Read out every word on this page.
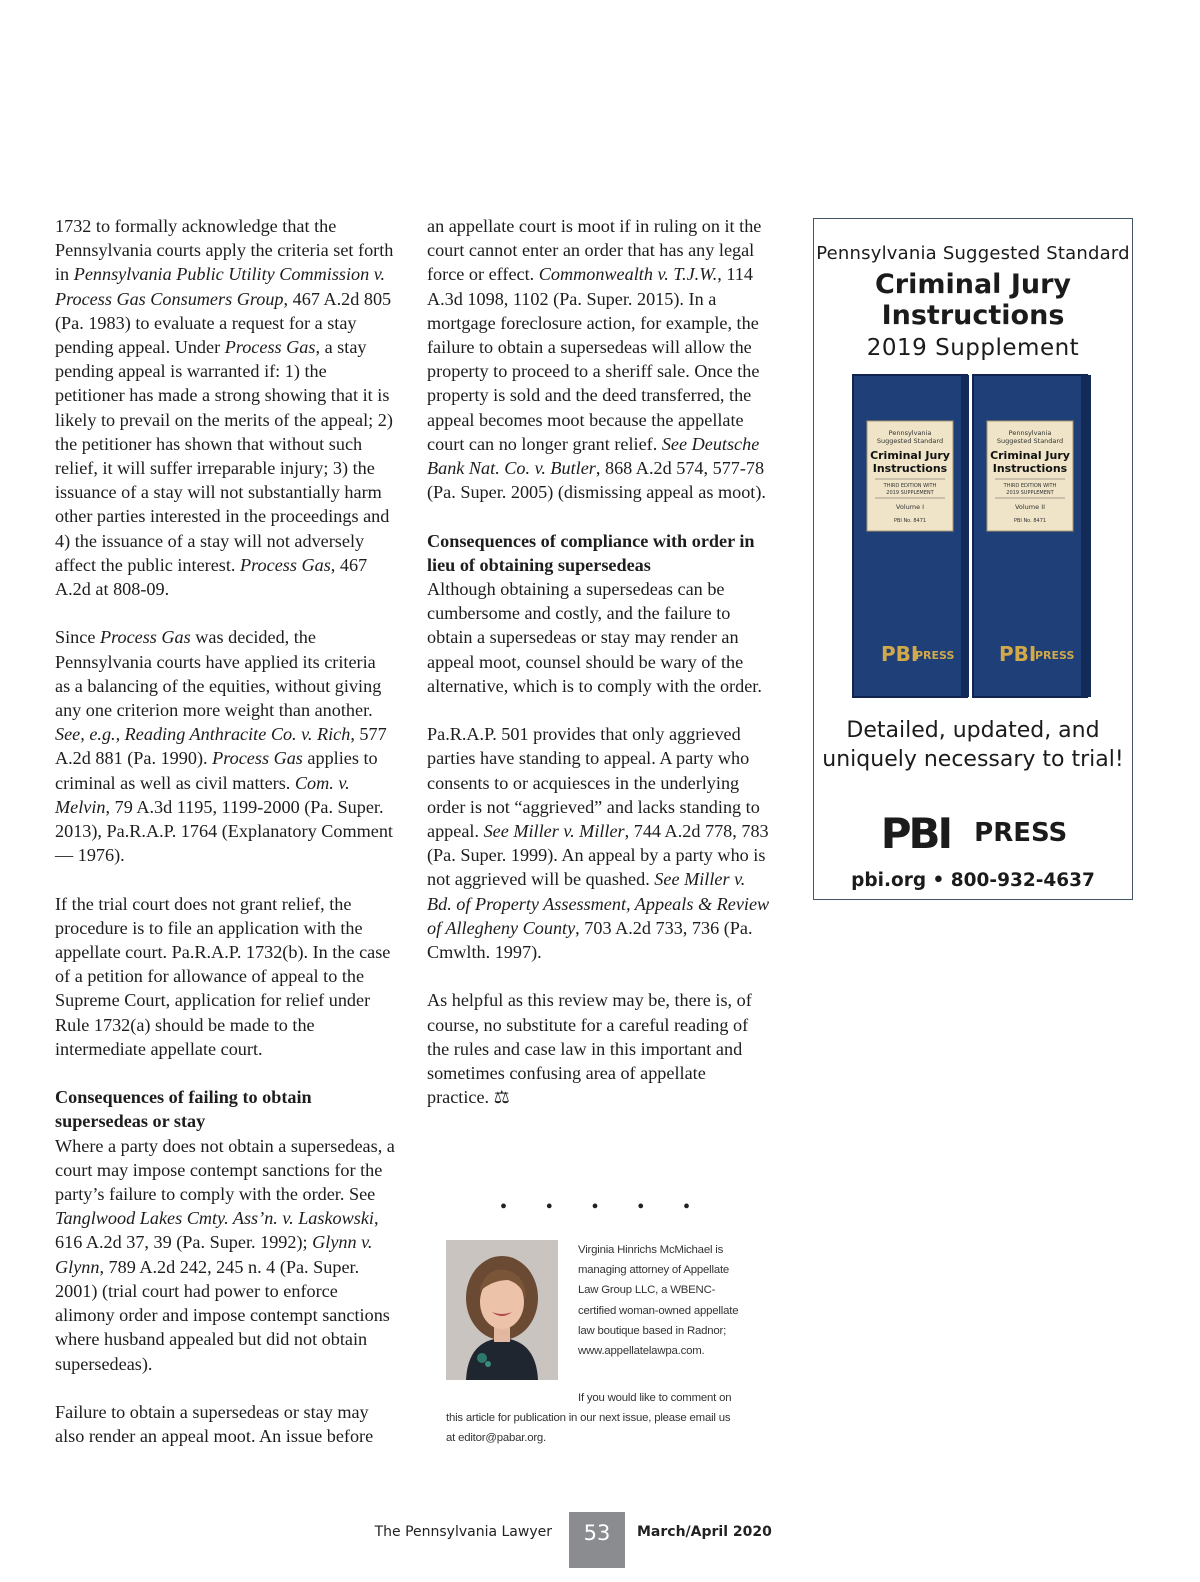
1732 to formally acknowledge that the Pennsylvania courts apply the criteria set forth in Pennsylvania Public Utility Commission v. Process Gas Consumers Group, 467 A.2d 805 (Pa. 1983) to evaluate a request for a stay pending appeal. Under Process Gas, a stay pending appeal is warranted if: 1) the petitioner has made a strong showing that it is likely to prevail on the merits of the appeal; 2) the petitioner has shown that without such relief, it will suffer irreparable injury; 3) the issuance of a stay will not substantially harm other parties interested in the proceedings and 4) the issuance of a stay will not adversely affect the public interest. Process Gas, 467 A.2d at 808-09.

Since Process Gas was decided, the Pennsylvania courts have applied its criteria as a balancing of the equities, without giving any one criterion more weight than another. See, e.g., Reading Anthracite Co. v. Rich, 577 A.2d 881 (Pa. 1990). Process Gas applies to criminal as well as civil matters. Com. v. Melvin, 79 A.3d 1195, 1199-2000 (Pa. Super. 2013), Pa.R.A.P. 1764 (Explanatory Comment — 1976).

If the trial court does not grant relief, the procedure is to file an application with the appellate court. Pa.R.A.P. 1732(b). In the case of a petition for allowance of appeal to the Supreme Court, application for relief under Rule 1732(a) should be made to the intermediate appellate court.

Consequences of failing to obtain supersedeas or stay

Where a party does not obtain a supersedeas, a court may impose contempt sanctions for the party’s failure to comply with the order. See Tanglwood Lakes Cmty. Ass’n. v. Laskowski, 616 A.2d 37, 39 (Pa. Super. 1992); Glynn v. Glynn, 789 A.2d 242, 245 n. 4 (Pa. Super. 2001) (trial court had power to enforce alimony order and impose contempt sanctions where husband appealed but did not obtain supersedeas).

Failure to obtain a supersedeas or stay may also render an appeal moot. An issue before

an appellate court is moot if in ruling on it the court cannot enter an order that has any legal force or effect. Commonwealth v. T.J.W., 114 A.3d 1098, 1102 (Pa. Super. 2015). In a mortgage foreclosure action, for example, the failure to obtain a supersedeas will allow the property to proceed to a sheriff sale. Once the property is sold and the deed transferred, the appeal becomes moot because the appellate court can no longer grant relief. See Deutsche Bank Nat. Co. v. Butler, 868 A.2d 574, 577-78 (Pa. Super. 2005) (dismissing appeal as moot).

Consequences of compliance with order in lieu of obtaining supersedeas

Although obtaining a supersedeas can be cumbersome and costly, and the failure to obtain a supersedeas or stay may render an appeal moot, counsel should be wary of the alternative, which is to comply with the order.

Pa.R.A.P. 501 provides that only aggrieved parties have standing to appeal. A party who consents to or acquiesces in the underlying order is not “aggrieved” and lacks standing to appeal. See Miller v. Miller, 744 A.2d 778, 783 (Pa. Super. 1999). An appeal by a party who is not aggrieved will be quashed. See Miller v. Bd. of Property Assessment, Appeals & Review of Allegheny County, 703 A.2d 733, 736 (Pa. Cmwlth. 1997).

As helpful as this review may be, there is, of course, no substitute for a careful reading of the rules and case law in this important and sometimes confusing area of appellate practice. ⚖

• • • • •
Virginia Hinrichs McMichael is managing attorney of Appellate Law Group LLC, a WBENC-certified woman-owned appellate law boutique based in Radnor; www.appellatelawpa.com.
If you would like to comment on
this article for publication in our next issue, please email us
at editor@pabar.org.
Pennsylvania Suggested Standard
Criminal Jury Instructions
2019 Supplement
Pennsylvania
Suggested Standard
Criminal Jury
Instructions
THIRD EDITION WITH
2019 SUPPLEMENT
Volume I
PBI No. 8471
PBI
PRESS
Pennsylvania
Suggested Standard
Criminal Jury
Instructions
THIRD EDITION WITH
2019 SUPPLEMENT
Volume II
PBI No. 8471
PBI
PRESS
Detailed, updated, and uniquely necessary to trial!
PBI PRESS
pbi.org • 800-932-4637
The Pennsylvania Lawyer	53	March/April 2020
